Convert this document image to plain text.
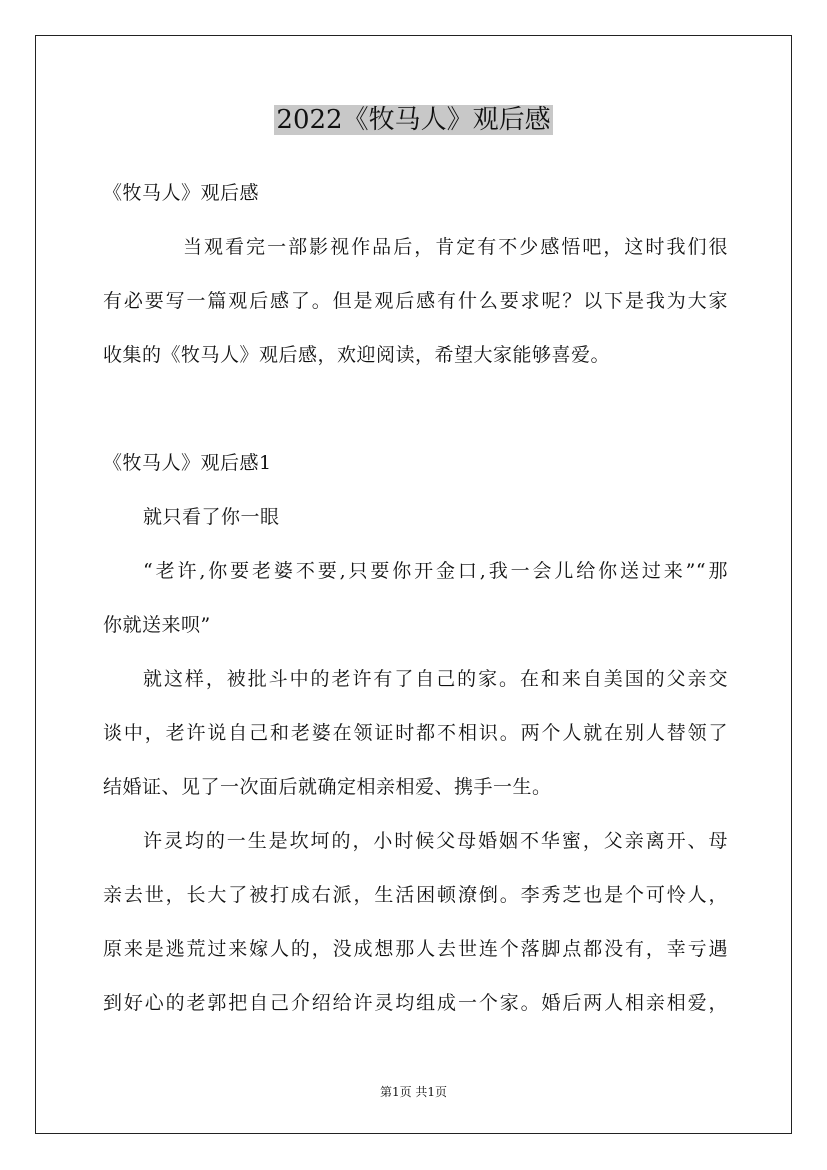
2022《牧马人》观后感
《牧马人》观后感
当观看完一部影视作品后，肯定有不少感悟吧，这时我们很
有必要写一篇观后感了。但是观后感有什么要求呢？以下是我为大家
收集的《牧马人》观后感，欢迎阅读，希望大家能够喜爱。
《牧马人》观后感1
就只看了你一眼
“老许,你要老婆不要,只要你开金口,我一会儿给你送过来”“那
你就送来呗”
就这样，被批斗中的老许有了自己的家。在和来自美国的父亲交
谈中，老许说自己和老婆在领证时都不相识。两个人就在别人替领了
结婚证、见了一次面后就确定相亲相爱、携手一生。
许灵均的一生是坎坷的，小时候父母婚姻不华蜜，父亲离开、母
亲去世，长大了被打成右派，生活困顿潦倒。李秀芝也是个可怜人，
原来是逃荒过来嫁人的，没成想那人去世连个落脚点都没有，幸亏遇
到好心的老郭把自己介绍给许灵均组成一个家。婚后两人相亲相爱，
第1页 共1页
